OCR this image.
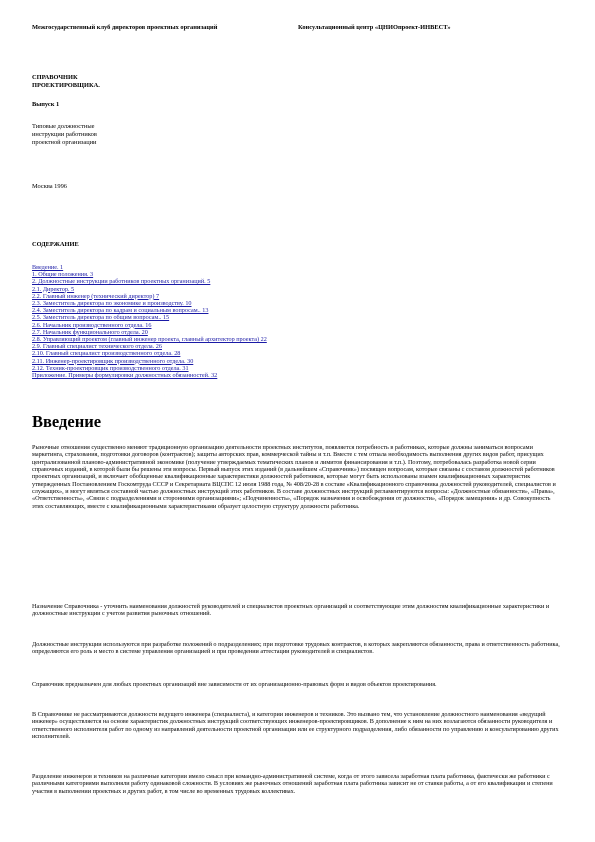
Межгосударственный клуб директоров проектных организаций	Консультационный центр «ЦНИОпроект-ИНВЕСТ»
СПРАВОЧНИК
ПРОЕКТИРОВЩИКА.
Выпуск 1
Типовые должностные
инструкции работников
проектной организации
Москва 1996
СОДЕРЖАНИЕ
Введение. 1
1. Общие положения. 3
2. Должностные инструкции работников проектных организаций. 5
2.1. Директор. 5
2.2. Главный инженер (технический директор) 7
2.3. Заместитель директора по экономике и производству. 10
2.4. Заместитель директора по кадрам и социальным вопросам.. 13
2.5. Заместитель директора по общим вопросам.. 15
2.6. Начальник производственного отдела. 16
2.7. Начальник функционального отдела. 20
2.8. Управляющий проектом (главный инженер проекта, главный архитектор проекта) 22
2.9. Главный специалист технического отдела. 26
2.10. Главный специалист производственного отдела. 28
2.11. Инженер-проектировщик производственного отдела. 30
2.12. Техник-проектировщик производственного отдела. 31
Приложение. Примеры формулировки должностных обязанностей. 32
Введение

Рыночные отношения существенно меняют традиционную организацию деятельности проектных институтов, появляется потребность в работниках, которые должны заниматься вопросами маркетинга, страхования, подготовки договоров (контрактов); защиты авторских прав, коммерческой тайны и т.п. Вместе с тем отпала необходимость выполнения других видов работ, присущих централизованной планово-административной экономике (получение утверждаемых тематических планов и лимитов финансирования и т.п.). Поэтому, потребовалась разработка новой серии справочных изданий, в которой были бы решены эти вопросы. Первый выпуск этих изданий (в дальнейшем «Справочник») посвящен вопросам, которые связаны с составом должностей работников проектных организаций, и включает обобщенные квалификационные характеристики должностей работников, которые могут быть использованы взамен квалификационных характеристик утвержденных Постановлением Госкомтруда СССР и Секретариата ВЦСПС 12 июля 1988 года, № 408/20-28 в составе «Квалификационного справочника должностей руководителей, специалистов и служащих», и могут являться составной частью должностных инструкций этих работников. В составе должностных инструкций регламентируются вопросы: «Должностные обязанности», «Права», «Ответственность», «Связи с подразделениями и сторонними организациями»; «Подчиненность», «Порядок назначения и освобождения от должности», «Порядок замещения» и др. Совокупность этих составляющих, вместе с квалификационными характеристиками образует целостную структуру должности работника.

Назначение Справочника - уточнить наименования должностей руководителей и специалистов проектных организаций и соответствующие этим должностям квалификационные характеристики и должностные инструкции с учетом развития рыночных отношений.

Должностные инструкции используются при разработке положений о подразделениях; при подготовке трудовых контрактов, в которых закрепляются обязанности, права и ответственность работника, определяются его роль и место в системе управления организацией и при проведении аттестации руководителей и специалистов.

Справочник предназначен для любых проектных организаций вне зависимости от их организационно-правовых форм и видов объектов проектирования.

В Справочнике не рассматриваются должности ведущего инженера (специалиста), и категории инженеров и техников. Это вызвано тем, что установление должностного наименования «ведущий инженер» осуществляется на основе характеристик должностных инструкций соответствующих инженеров-проектировщиков. В дополнение к ним на них возлагаются обязанности руководителя и ответственного исполнителя работ по одному из направлений деятельности проектной организации или ее структурного подразделения, либо обязанности по управлению и консультированию других исполнителей.

Разделение инженеров и техников на различные категории имело смысл при командно-административной системе, когда от этого зависела заработная плата работника, фактически же работники с различными категориями выполняли работу одинаковой сложности. В условиях же рыночных отношений заработная плата работника зависит не от ставки работы, а от его квалификации и степени участия в выполнении проектных и других работ, в том числе во временных трудовых коллективах.
